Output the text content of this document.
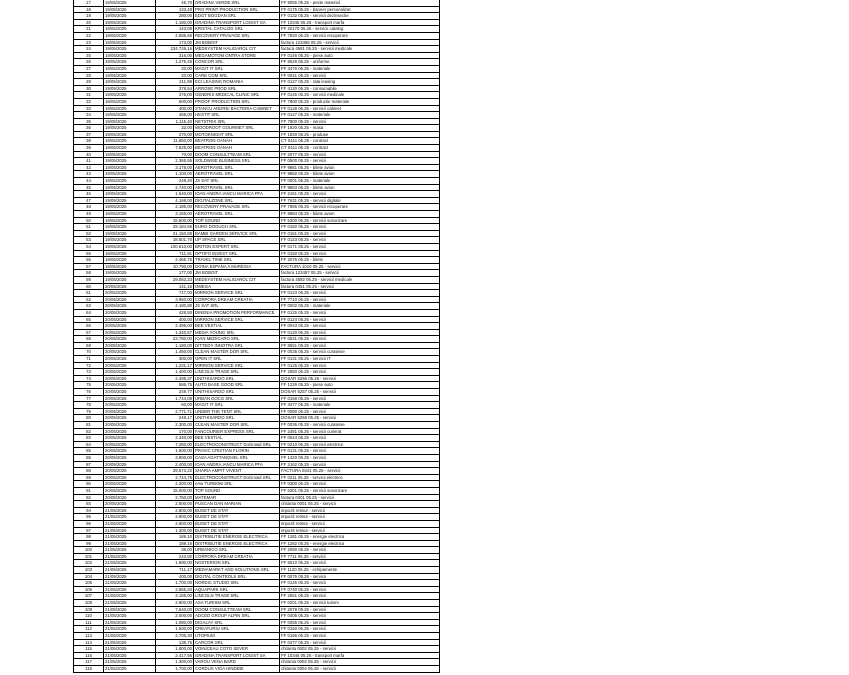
17	19/05/2025	45,70 GRADINA VERDE SRL	FF 9055 05.25 - peste material
18	19/05/2025	133,48 PRO PRINT PRODUCTION SRL	FF 0175 05.25 - banner personalizat
19	19/05/2025	280,00 EDGT BOGDAN SRL	FF 0132 05.25 - servicii dezinsectie
20	19/05/2025	1.180,00 GRADINA TRANSPORT LOGIST SA	FF 10345 05.25 - transport marfa
21	19/05/2025	143,08 KRISTAL CATALOG SRL	FF 20170 05.25 - servicii catalog
22	19/05/2025	2.585,65 RECOVERY PRAVAGE SRL	FF 7820 05.25 - servicii recuperare
23	19/05/2025	173,00 JM BOBOIT	factura 123456 05.25 - servicii
24	19/05/2025	234.726,16 MEDSYSTEM HALIGAROL CIT	factura 4581 05.25 - servicii medicale
25	19/05/2025	316,00 MEGAMOTOM ONTRA STORE	FF 0146 05.25 - piese auto
26	19/05/2025	1.275,45 CONCOR SRL	FF 9526 05.25 - uniforme
27	19/05/2025	20,00 MAGIT IT SRL	FF 3476 05.25 - materiale
28	19/05/2025	20,00 CARE COM SRL	FF 0041 05.25 - servicii
29	19/05/2025	211,88 ECI LEASING ROMANIA	FF 0127 05.25 - rata leasing
30	19/05/2025	378,54 ARROSE PROD SRL	FF 4120 05.25 - consumabile
31	19/05/2025	375,00 GENERIS MEDICAL CLINIC SRL	FF 0145 05.25 - servicii medicale
32	19/05/2025	500,00 PROOF PRODUCTION SRL	FF 7800 05.25 - productie materiale
33	19/05/2025	400,00 STANCU ANDREI BACTERIA CABINET	FF 0128 05.25 - servicii cabinet
34	19/05/2025	455,00 HESTIT SRL	FF 0147 05.25 - materiale
35	19/05/2025	1.115,40 NETSTRIX SRL	FF 7800 05.25 - servicii
36	19/05/2025	32,00 WOODROOT GOURMET SRL	FF 1920 05.25 - masa
37	19/05/2025	270,00 MOTOKNIGHT SRL	FF 1830 05.25 - produse
38	19/05/2025	11.850,00 BEATRON OANAH	CT 0411 05.25 - contract
39	19/05/2025	7.525,00 BEATRON OANAH	CT 0411 05.25 - contract
40	19/05/2025	70,00 DOOM CONSULTTEAM SRL	FF 2077 05.25 - servicii
41	19/05/2025	2.365,55 SOLDWISE BUSINESS SRL	FF 0500 05.25 - servicii
42	19/05/2025	3.175,00 AEROTRAVEL SRL	FF 9881 05.25 - bilete avion
43	19/05/2025	1.100,00 AEROTRAVEL SRL	FF 9882 05.25 - bilete avion
44	19/05/2025	248,40 JS SAT SRL	FF 0001 05.25 - materiale
45	19/05/2025	2.740,00 AEROTRAVEL SRL	FF 9883 05.25 - bilete avion
46	19/05/2025	1.640,00 IOAN ANDRA IANCU MARICA PFA	FF 2161 05.25 - servicii
47	19/05/2025	4.168,00 DIGITALZONE SRL	FF 7631 05.25 - servicii digitale
48	19/05/2025	2.185,00 RECOVERY PRAVAGE SRL	FF 7885 05.25 - servicii recuperare
49	19/05/2025	3.155,00 AEROTRAVEL SRL	FF 9884 05.25 - bilete avion
50	19/05/2025	16.500,00 TOP SOUND	FF 6300 05.25 - servicii sonorizare
51	19/05/2025	29.184,55 EURO DOOUGH SRL	FF 0160 05.25 - servicii
52	19/05/2025	21.150,88 BAMBI GARDEN SERVICE SRL	FF 0161 05.25 - servicii
53	19/05/2025	18.501,70 UP SPACE SRL	FF 0123 05.25 - servicii
54	19/05/2025	100.610,00 BRITON EXPERT SRL	FF 0171 05.25 - servicii
55	19/05/2025	711,91 OPTIFO INVEST SRL	FF 0150 05.25 - servicii
56	19/05/2025	2.465,75 TRAVEL TIME SRL	FF 2076 05.25 - bilete
57	19/05/2025	10.790,00 DOINA ESPANA A MUREGIA	FACTURA 1010 05.25 - servicii
58	19/05/2025	177,00 JM BOBOIT	factura 123457 05.25 - servicii
59	19/05/2025	29.083,33 MEDSYSTEM HALIGAROL CIT	factura 4582 05.25 - servicii medicale
60	20/05/2025	141,16 OMEGA	factura 0451 05.25 - servicii
61	20/05/2025	717,00 MIRRION SERVICE SRL	FF 0123 05.25 - servicii
62	20/05/2025	3.950,00 CORPORA DREAM CREATIA	FF 7710 05.25 - servicii
63	20/05/2025	4.180,80 JS SAT SRL	FF 0002 05.25 - materiale
64	20/05/2025	428,50 DINENIA PROMOTION PERFORMANCE	FF 0125 05.25 - servicii
65	20/05/2025	400,00 MIRRION SERVICE SRL	FF 0124 05.25 - servicii
66	20/05/2025	2.495,00 BEE VESTIAL	FF 0043 05.25 - servicii
67	20/05/2025	1.340,57 MEDIA YOUNG SRL	FF 0120 05.25 - servicii
68	20/05/2025	23.780,00 IOAN MEDICARO SRL	FF 0531 05.25 - servicii
69	20/05/2025	1.180,00 DITTEDY INNOTRA SRL	FF 8551 05.25 - servicii
70	20/05/2025	1.450,00 CLEAN MASTER DOR SRL	FF 0035 05.25 - servicii curatenie
71	20/05/2025	300,00 OPEN IT SRL	FF 0131 05.25 - servicii IT
72	20/05/2025	1.231,17 MIRRION SERVICE SRL	FF 0125 05.25 - servicii
73	20/05/2025	1.400,00 LINCOLN TRADE SRL	FF 2550 05.25 - servicii
74	20/05/2025	2.495,37 UNITHISARDO SRL	DOSAR 5256 05.25 - servicii
75	20/05/2025	586,75 AUTO BASE GOOD SRL	FF 1226 05.25 - piese auto
76	20/05/2025	249,77 UNITHISARDO SRL	DOSAR 5257 05.25 - servicii
77	20/05/2025	1.744,08 URBAN DOCG SRL	FF 0158 05.25 - servicii
78	20/05/2025	60,00 MAGIT IT SRL	FF 3477 05.25 - materiale
79	20/05/2025	2.771,71 UNDER THE TENT SRL	FF 0090 05.25 - servicii
80	20/05/2025	249,17 UNITHISARDO SRL	DOSAR 5258 05.25 - servicii
81	20/05/2025	2.300,00 CLEAN MASTER DOR SRL	FF 0036 05.25 - servicii curatenie
82	20/05/2025	170,00 FANCOURIER EXPRESS SRL	FF 2481 05.25 - servicii curierat
83	20/05/2025	2.340,00 BEE VESTIAL	FF 0044 05.25 - servicii
84	20/05/2025	7.250,00 ELECTROCONSTRUCT DoGrowd SRL	FF 0210 05.25 - servicii electrice
85	20/05/2025	1.500,00 PRAVIC CRISTIAN FLORIN	FF 0131 05.25 - servicii
86	20/05/2025	3.800,00 CASA AGATTANGHEL SRL	FF 1420 05.25 - servicii
87	20/05/2025	2.400,00 IOAN ANDRA IANCU MARICA PFA	FF 2162 05.25 - servicii
88	20/05/2025	29.573,22 SHARIA AMPIT VIVENT	FACTURA 0341 05.25 - servicii
89	20/05/2025	2.744,75 ELECTROCONSTRUCT DoGrowd SRL	FF 0211 05.25 - servicii electrice
90	20/05/2025	2.300,00 nAw TURBOM SRL	FF 0300 05.25 - servicii
91	20/05/2025	15.000,00 TOP SOUND	FF 6301 05.25 - servicii sonorizare
92	20/05/2025	2.750,00 MATEMAR	factura 0401 05.25 - servicii
93	20/05/2025	2.800,00 PUSCAN DAN MARIAN	chitanta 0001 05.25 - servicii
94	21/05/2025	2.800,00 BUGET DE STAT	impozit retinut - servicii
95	21/05/2025	2.800,00 BUGET DE STAT	impozit retinut - servicii
96	21/05/2025	2.800,00 BUGET DE STAT	impozit retinut - servicii
97	21/05/2025	1.300,00 BUGET DE STAT	impozit retinut - servicii
98	21/05/2025	189,10 DISTRIBUTIE ENERGIE ELECTRICA	FF 1281 05.25 - energie electrica
99	21/05/2025	189,16 DISTRIBUTIE ENERGIE ELECTRICA	FF 1282 05.25 - energie electrica
100	21/05/2025	36,00 URBANICO SRL	FF 2090 05.25 - servicii
101	21/05/2025	243,92 CORPORA DREAM CREATIA	FF 7711 05.25 - servicii
102	21/05/2025	1.890,00 NOSTERION SRL	FF 5610 05.25 - servicii
103	21/05/2025	711,17 MEDIAMARKT AND SOLUTIONS SRL	FF 1120 05.25 - echipamente
104	21/05/2025	400,00 DIGITAL CONTROLS SRL	FF 0075 05.25 - servicii
105	21/05/2025	1.700,00 NORDIC STUDIO SRL	FF 0145 05.25 - servicii
106	21/05/2025	2.565,20 AQUAPARK SRL	FF 0740 05.25 - servicii
107	21/05/2025	3.185,00 LINCOLN TRADE SRL	FF 2551 05.25 - servicii
108	21/05/2025	2.800,00 ASA TURISM SRL	FF 0201 05.25 - servicii turism
109	21/05/2025	7.640,00 DOOM CONSULTTEAM SRL	FF 2078 05.25 - servicii
110	21/05/2025	2.000,00 ADCED GROUP ALPIN SRL	FF 0405 05.25 - servicii
111	21/05/2025	1.080,00 DIGALAY SRL	FF 0055 05.25 - servicii
112	21/05/2025	1.500,00 CREATURIU SRL	FF 0150 05.25 - servicii
113	21/05/2025	2.706,30 UTOPIUM	FF 0166 05.25 - servicii
114	21/05/2025	138,75 CARCOR SRL	FF 0477 05.25 - servicii
115	21/05/2025	1.800,00 VOINICEAU COTO SEVER	chitanta 0002 05.25 - servicii
116	21/05/2025	2.417,56 GRADINA TRANSPORT LOGIST SA	FF 10346 05.25 - transport marfa
117	21/05/2025	1.300,00 VAROU VENA BARD	chitanta 0003 05.25 - servicii
118	21/05/2025	1.700,00 CORDUS VIGA HINDEBI	chitanta 0004 05.25 - servicii
